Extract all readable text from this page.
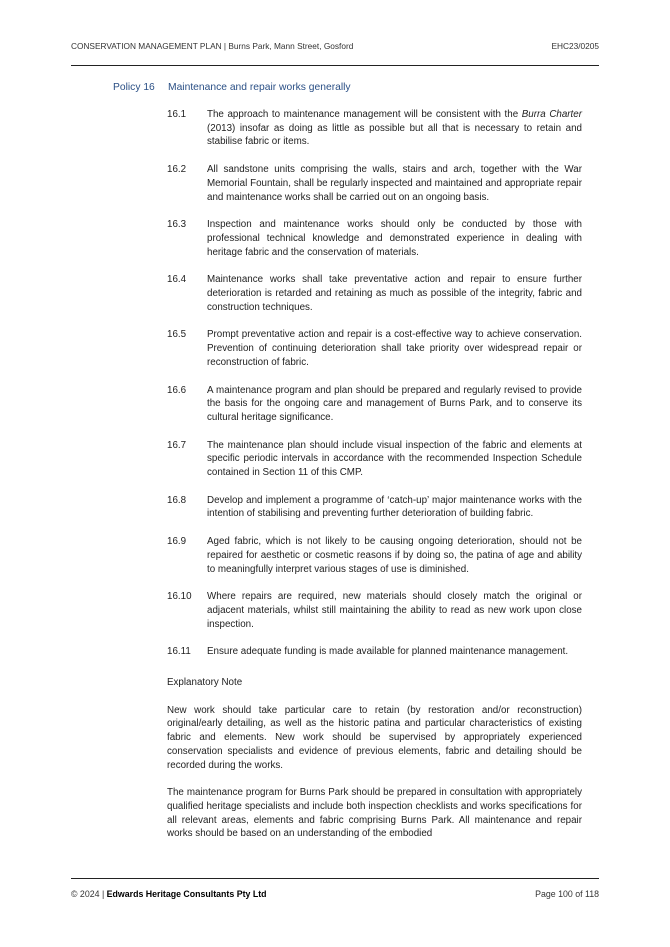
CONSERVATION MANAGEMENT PLAN | Burns Park, Mann Street, Gosford	EHC23/0205
Policy 16 Maintenance and repair works generally
16.1 The approach to maintenance management will be consistent with the Burra Charter (2013) insofar as doing as little as possible but all that is necessary to retain and stabilise fabric or items.
16.2 All sandstone units comprising the walls, stairs and arch, together with the War Memorial Fountain, shall be regularly inspected and maintained and appropriate repair and maintenance works shall be carried out on an ongoing basis.
16.3 Inspection and maintenance works should only be conducted by those with professional technical knowledge and demonstrated experience in dealing with heritage fabric and the conservation of materials.
16.4 Maintenance works shall take preventative action and repair to ensure further deterioration is retarded and retaining as much as possible of the integrity, fabric and construction techniques.
16.5 Prompt preventative action and repair is a cost-effective way to achieve conservation. Prevention of continuing deterioration shall take priority over widespread repair or reconstruction of fabric.
16.6 A maintenance program and plan should be prepared and regularly revised to provide the basis for the ongoing care and management of Burns Park, and to conserve its cultural heritage significance.
16.7 The maintenance plan should include visual inspection of the fabric and elements at specific periodic intervals in accordance with the recommended Inspection Schedule contained in Section 11 of this CMP.
16.8 Develop and implement a programme of ‘catch-up’ major maintenance works with the intention of stabilising and preventing further deterioration of building fabric.
16.9 Aged fabric, which is not likely to be causing ongoing deterioration, should not be repaired for aesthetic or cosmetic reasons if by doing so, the patina of age and ability to meaningfully interpret various stages of use is diminished.
16.10 Where repairs are required, new materials should closely match the original or adjacent materials, whilst still maintaining the ability to read as new work upon close inspection.
16.11 Ensure adequate funding is made available for planned maintenance management.

Explanatory Note

New work should take particular care to retain (by restoration and/or reconstruction) original/early detailing, as well as the historic patina and particular characteristics of existing fabric and elements. New work should be supervised by appropriately experienced conservation specialists and evidence of previous elements, fabric and detailing should be recorded during the works.

The maintenance program for Burns Park should be prepared in consultation with appropriately qualified heritage specialists and include both inspection checklists and works specifications for all relevant areas, elements and fabric comprising Burns Park. All maintenance and repair works should be based on an understanding of the embodied

© 2024 | Edwards Heritage Consultants Pty Ltd	Page 100 of 118
